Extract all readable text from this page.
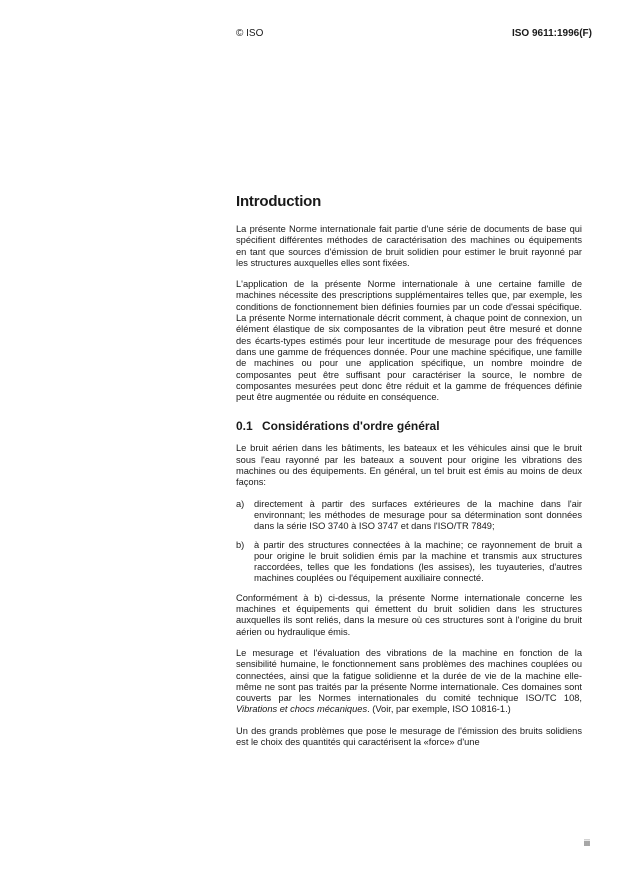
© ISO	ISO 9611:1996(F)
Introduction

La présente Norme internationale fait partie d'une série de documents de base qui spécifient différentes méthodes de caractérisation des machines ou équipements en tant que sources d'émission de bruit solidien pour estimer le bruit rayonné par les structures auxquelles elles sont fixées.

L'application de la présente Norme internationale à une certaine famille de machines nécessite des prescriptions supplémentaires telles que, par exemple, les conditions de fonctionnement bien définies fournies par un code d'essai spécifique. La présente Norme internationale décrit comment, à chaque point de connexion, un élément élastique de six composantes de la vibration peut être mesuré et donne des écarts-types estimés pour leur incertitude de mesurage pour des fréquences dans une gamme de fréquences donnée. Pour une machine spécifique, une famille de machines ou pour une application spécifique, un nombre moindre de composantes peut être suffisant pour caractériser la source, le nombre de composantes mesurées peut donc être réduit et la gamme de fréquences définie peut être augmentée ou réduite en conséquence.

0.1 Considérations d'ordre général

Le bruit aérien dans les bâtiments, les bateaux et les véhicules ainsi que le bruit sous l'eau rayonné par les bateaux a souvent pour origine les vibrations des machines ou des équipements. En général, un tel bruit est émis au moins de deux façons:

a)	directement à partir des surfaces extérieures de la machine dans l'air environnant; les méthodes de mesurage pour sa détermination sont données dans la série ISO 3740 à ISO 3747 et dans l'ISO/TR 7849;
b)	à partir des structures connectées à la machine; ce rayonnement de bruit a pour origine le bruit solidien émis par la machine et transmis aux structures raccordées, telles que les fondations (les assises), les tuyauteries, d'autres machines couplées ou l'équipement auxiliaire connecté.

Conformément à b) ci-dessus, la présente Norme internationale concerne les machines et équipements qui émettent du bruit solidien dans les structures auxquelles ils sont reliés, dans la mesure où ces structures sont à l'origine du bruit aérien ou hydraulique émis.

Le mesurage et l'évaluation des vibrations de la machine en fonction de la sensibilité humaine, le fonctionnement sans problèmes des machines couplées ou connectées, ainsi que la fatigue solidienne et la durée de vie de la machine elle-même ne sont pas traités par la présente Norme internationale. Ces domaines sont couverts par les Normes internationales du comité technique ISO/TC 108, Vibrations et chocs mécaniques. (Voir, par exemple, ISO 10816-1.)

Un des grands problèmes que pose le mesurage de l'émission des bruits solidiens est le choix des quantités qui caractérisent la «force» d'une

iii
